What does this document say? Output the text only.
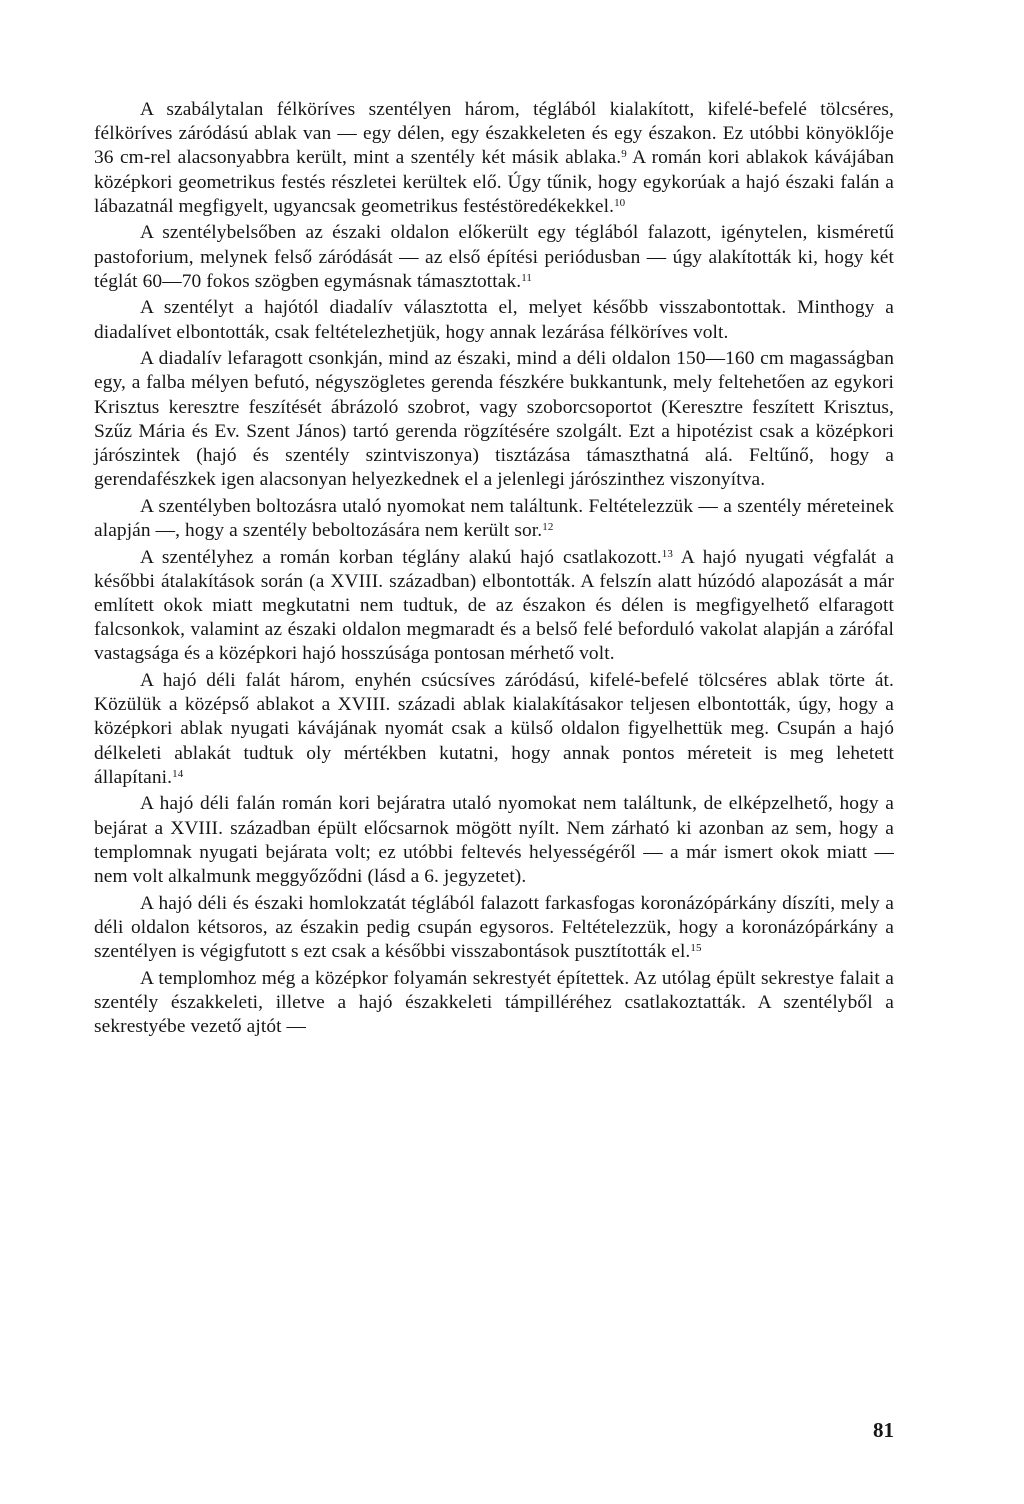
A szabálytalan félköríves szentélyen három, téglából kialakított, kifelé-befelé tölcséres, félköríves záródású ablak van — egy délen, egy északkeleten és egy északon. Ez utóbbi könyöklője 36 cm-rel alacsonyabbra került, mint a szentély két másik ablaka.$^9$ A román kori ablakok kávájában középkori geometrikus festés részletei kerültek elő. Úgy tűnik, hogy egykorúak a hajó északi falán a lábazatnál megfigyelt, ugyancsak geometrikus festéstöredékekkel.$^{10}$

A szentélybelsőben az északi oldalon előkerült egy téglából falazott, igénytelen, kisméretű pastoforium, melynek felső záródását — az első építési periódusban — úgy alakították ki, hogy két téglát 60—70 fokos szögben egymásnak támasztottak.$^{11}$

A szentélyt a hajótól diadalív választotta el, melyet később visszabontottak. Minthogy a diadalívet elbontották, csak feltételezhetjük, hogy annak lezárása félköríves volt.

A diadalív lefaragott csonkján, mind az északi, mind a déli oldalon 150—160 cm magasságban egy, a falba mélyen befutó, négyszögletes gerenda fészkére bukkantunk, mely feltehetően az egykori Krisztus keresztre feszítését ábrázoló szobrot, vagy szoborcsoportot (Keresztre feszített Krisztus, Szűz Mária és Ev. Szent János) tartó gerenda rögzítésére szolgált. Ezt a hipotézist csak a középkori járószintek (hajó és szentély szintviszonya) tisztázása támaszthatná alá. Feltűnő, hogy a gerendafészkek igen alacsonyan helyezkednek el a jelenlegi járószinthez viszonyítva.

A szentélyben boltozásra utaló nyomokat nem találtunk. Feltételezzük — a szentély méreteinek alapján —, hogy a szentély beboltozására nem került sor.$^{12}$

A szentélyhez a román korban téglány alakú hajó csatlakozott.$^{13}$ A hajó nyugati végfalát a későbbi átalakítások során (a XVIII. században) elbontották. A felszín alatt húzódó alapozását a már említett okok miatt megkutatni nem tudtuk, de az északon és délen is megfigyelhető elfaragott falcsonkok, valamint az északi oldalon megmaradt és a belső felé beforduló vakolat alapján a zárófal vastagsága és a középkori hajó hosszúsága pontosan mérhető volt.

A hajó déli falát három, enyhén csúcsíves záródású, kifelé-befelé tölcséres ablak törte át. Közülük a középső ablakot a XVIII. századi ablak kialakításakor teljesen elbontották, úgy, hogy a középkori ablak nyugati kávájának nyomát csak a külső oldalon figyelhettük meg. Csupán a hajó délkeleti ablakát tudtuk oly mértékben kutatni, hogy annak pontos méreteit is meg lehetett állapítani.$^{14}$

A hajó déli falán román kori bejáratra utaló nyomokat nem találtunk, de elképzelhető, hogy a bejárat a XVIII. században épült előcsarnok mögött nyílt. Nem zárható ki azonban az sem, hogy a templomnak nyugati bejárata volt; ez utóbbi feltevés helyességéről — a már ismert okok miatt — nem volt alkalmunk meggyőződni (lásd a 6. jegyzetet).

A hajó déli és északi homlokzatát téglából falazott farkasfogas koronázópárkány díszíti, mely a déli oldalon kétsoros, az északin pedig csupán egysoros. Feltételezzük, hogy a koronázópárkány a szentélyen is végigfutott s ezt csak a későbbi visszabontások pusztították el.$^{15}$

A templomhoz még a középkor folyamán sekrestyét építettek. Az utólag épült sekrestye falait a szentély északkeleti, illetve a hajó északkeleti támpilléréhez csatlakoztatták. A szentélyből a sekrestyébe vezető ajtót —

81
